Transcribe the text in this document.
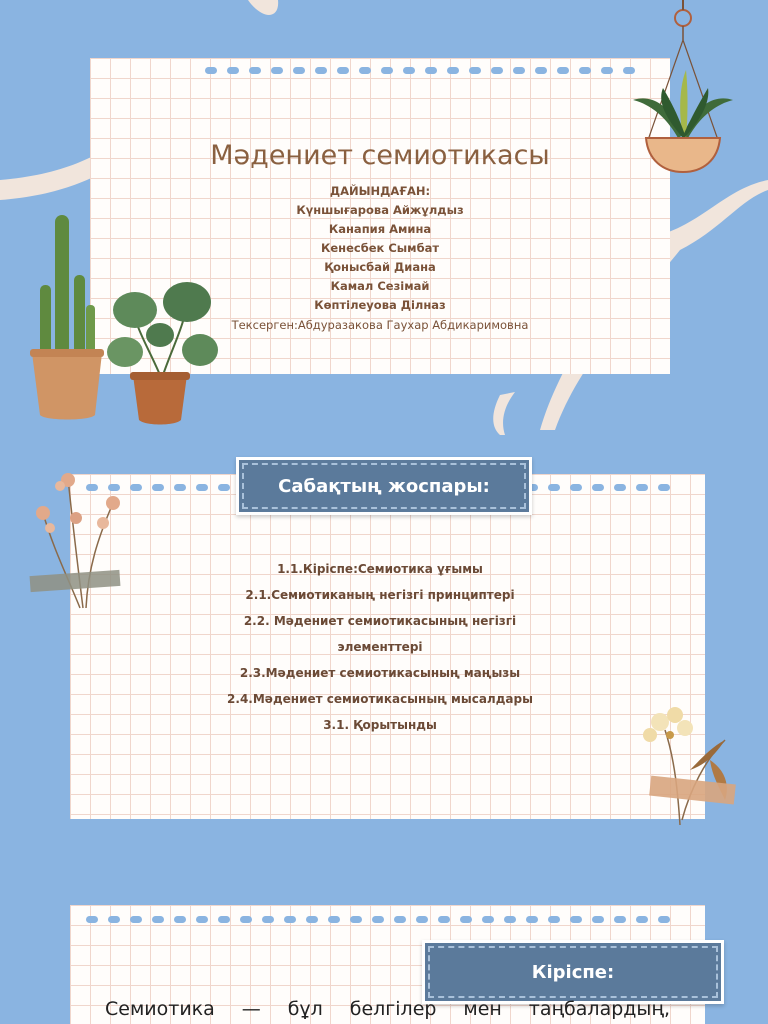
Мәдениет семиотикасы
ДАЙЫНДАҒАН:
Күншығарова Айжұлдыз
Канапия Амина
Кенесбек Сымбат
Қонысбай Диана
Камал Сезімай
Көптілеуова Ділназ
Тексерген:Абдуразакова Гаухар Абдикаримовна
Сабақтың жоспары:
1.1.Кіріспе:Семиотика ұғымы
2.1.Семиотиканың негізгі принциптері
2.2. Мәдениет семиотикасының негізгі
элементтері
2.3.Мәдениет семиотикасының маңызы
2.4.Мәдениет семиотикасының мысалдары
3.1. Қорытынды
Кіріспе:
Семиотика — бұл белгілер мен таңбалардың,
